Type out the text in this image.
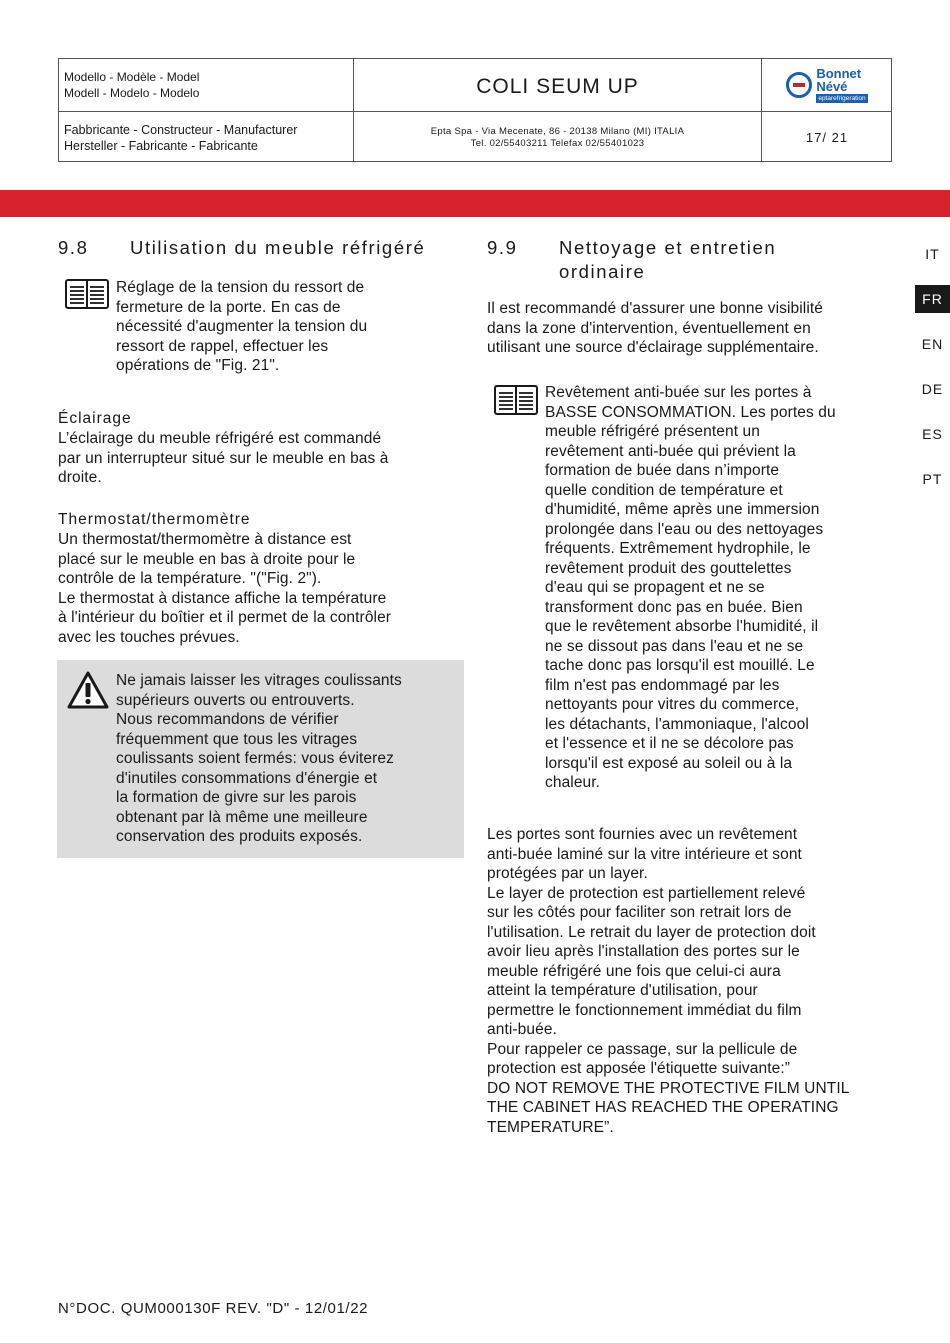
Modello - Modèle - Model
Modell - Modelo - Modelo	COLI SEUM UP
Bonnet
Névé
eptarefrigeration
Fabbricante - Constructeur - Manufacturer
Hersteller - Fabricante - Fabricante
Epta Spa - Via Mecenate, 86 - 20138 Milano (MI) ITALIA
Tel. 02/55403211 Telefax 02/55401023	17/ 21
IT
FR
EN
DE
ES
PT
9.8 Utilisation du meuble réfrigéré
Réglage de la tension du ressort de
fermeture de la porte. En cas de
nécessité d'augmenter la tension du
ressort de rappel, effectuer les
opérations de "Fig. 21".
Éclairage
L’éclairage du meuble réfrigéré est commandé
par un interrupteur situé sur le meuble en bas à
droite.
Thermostat/thermomètre
Un thermostat/thermomètre à distance est
placé sur le meuble en bas à droite pour le
contrôle de la température. "("Fig. 2").
Le thermostat à distance affiche la température
à l'intérieur du boîtier et il permet de la contrôler
avec les touches prévues.
Ne jamais laisser les vitrages coulissants
supérieurs ouverts ou entrouverts.
Nous recommandons de vérifier
fréquemment que tous les vitrages
coulissants soient fermés: vous éviterez
d'inutiles consommations d'énergie et
la formation de givre sur les parois
obtenant par là même une meilleure
conservation des produits exposés.
9.9 Nettoyage et entretien
ordinaire
Il est recommandé d'assurer une bonne visibilité
dans la zone d'intervention, éventuellement en
utilisant une source d'éclairage supplémentaire.
Revêtement anti-buée sur les portes à
BASSE CONSOMMATION. Les portes du
meuble réfrigéré présentent un
revêtement anti-buée qui prévient la
formation de buée dans n’importe
quelle condition de température et
d'humidité, même après une immersion
prolongée dans l'eau ou des nettoyages
fréquents. Extrêmement hydrophile, le
revêtement produit des gouttelettes
d'eau qui se propagent et ne se
transforment donc pas en buée. Bien
que le revêtement absorbe l'humidité, il
ne se dissout pas dans l'eau et ne se
tache donc pas lorsqu'il est mouillé. Le
film n'est pas endommagé par les
nettoyants pour vitres du commerce,
les détachants, l'ammoniaque, l'alcool
et l'essence et il ne se décolore pas
lorsqu'il est exposé au soleil ou à la
chaleur.
Les portes sont fournies avec un revêtement
anti-buée laminé sur la vitre intérieure et sont
protégées par un layer.
Le layer de protection est partiellement relevé
sur les côtés pour faciliter son retrait lors de
l'utilisation. Le retrait du layer de protection doit
avoir lieu après l'installation des portes sur le
meuble réfrigéré une fois que celui-ci aura
atteint la température d'utilisation, pour
permettre le fonctionnement immédiat du film
anti-buée.
Pour rappeler ce passage, sur la pellicule de
protection est apposée l'étiquette suivante:”
DO NOT REMOVE THE PROTECTIVE FILM UNTIL
THE CABINET HAS REACHED THE OPERATING
TEMPERATURE”.
N°DOC. QUM000130F REV. "D" - 12/01/22
